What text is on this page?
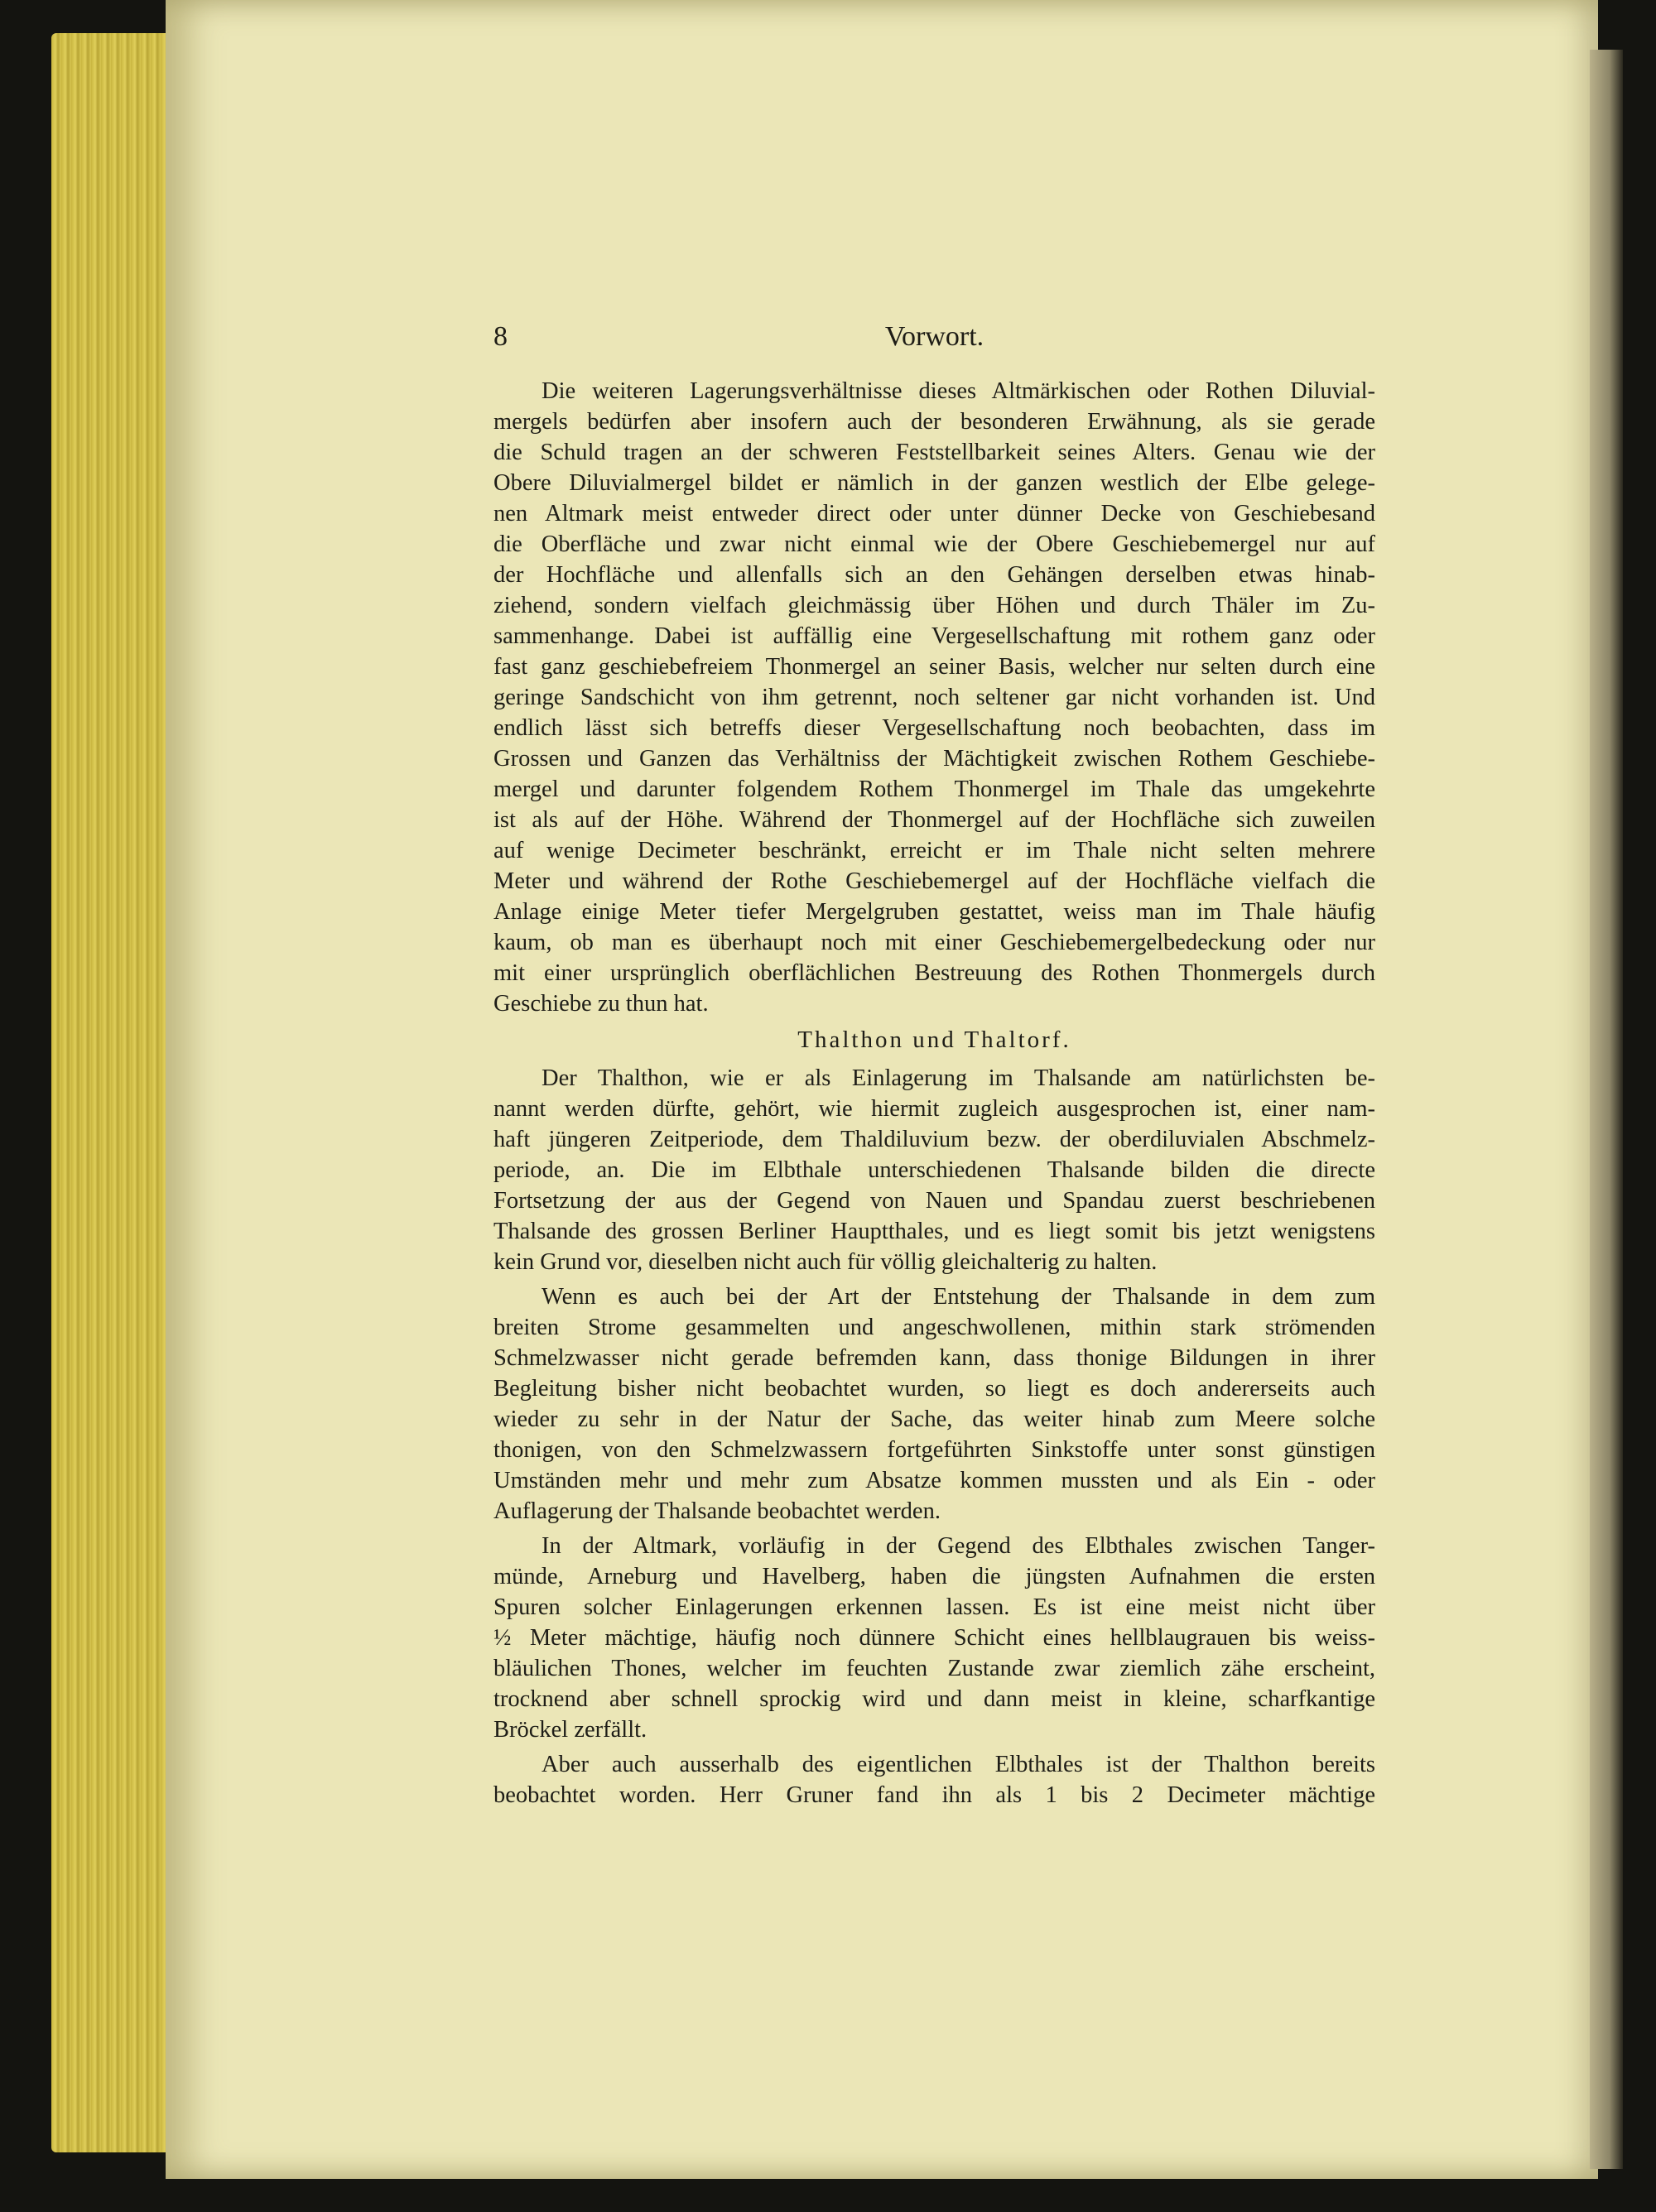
8	Vorwort.
Die weiteren Lagerungsverhältnisse dieses Altmärkischen oder Rothen Diluvial-
mergels bedürfen aber insofern auch der besonderen Erwähnung, als sie gerade
die Schuld tragen an der schweren Feststellbarkeit seines Alters. Genau wie der
Obere Diluvialmergel bildet er nämlich in der ganzen westlich der Elbe gelege-
nen Altmark meist entweder direct oder unter dünner Decke von Geschiebesand
die Oberfläche und zwar nicht einmal wie der Obere Geschiebemergel nur auf
der Hochfläche und allenfalls sich an den Gehängen derselben etwas hinab-
ziehend, sondern vielfach gleichmässig über Höhen und durch Thäler im Zu-
sammenhange. Dabei ist auffällig eine Vergesellschaftung mit rothem ganz oder
fast ganz geschiebefreiem Thonmergel an seiner Basis, welcher nur selten durch eine
geringe Sandschicht von ihm getrennt, noch seltener gar nicht vorhanden ist. Und
endlich lässt sich betreffs dieser Vergesellschaftung noch beobachten, dass im
Grossen und Ganzen das Verhältniss der Mächtigkeit zwischen Rothem Geschiebe-
mergel und darunter folgendem Rothem Thonmergel im Thale das umgekehrte
ist als auf der Höhe. Während der Thonmergel auf der Hochfläche sich zuweilen
auf wenige Decimeter beschränkt, erreicht er im Thale nicht selten mehrere
Meter und während der Rothe Geschiebemergel auf der Hochfläche vielfach die
Anlage einige Meter tiefer Mergelgruben gestattet, weiss man im Thale häufig
kaum, ob man es überhaupt noch mit einer Geschiebemergelbedeckung oder nur
mit einer ursprünglich oberflächlichen Bestreuung des Rothen Thonmergels durch
Geschiebe zu thun hat.
Thalthon und Thaltorf.
Der Thalthon, wie er als Einlagerung im Thalsande am natürlichsten be-
nannt werden dürfte, gehört, wie hiermit zugleich ausgesprochen ist, einer nam-
haft jüngeren Zeitperiode, dem Thaldiluvium bezw. der oberdiluvialen Abschmelz-
periode, an. Die im Elbthale unterschiedenen Thalsande bilden die directe
Fortsetzung der aus der Gegend von Nauen und Spandau zuerst beschriebenen
Thalsande des grossen Berliner Hauptthales, und es liegt somit bis jetzt wenigstens
kein Grund vor, dieselben nicht auch für völlig gleichalterig zu halten.
Wenn es auch bei der Art der Entstehung der Thalsande in dem zum
breiten Strome gesammelten und angeschwollenen, mithin stark strömenden
Schmelzwasser nicht gerade befremden kann, dass thonige Bildungen in ihrer
Begleitung bisher nicht beobachtet wurden, so liegt es doch andererseits auch
wieder zu sehr in der Natur der Sache, das weiter hinab zum Meere solche
thonigen, von den Schmelzwassern fortgeführten Sinkstoffe unter sonst günstigen
Umständen mehr und mehr zum Absatze kommen mussten und als Ein - oder
Auflagerung der Thalsande beobachtet werden.
In der Altmark, vorläufig in der Gegend des Elbthales zwischen Tanger-
münde, Arneburg und Havelberg, haben die jüngsten Aufnahmen die ersten
Spuren solcher Einlagerungen erkennen lassen. Es ist eine meist nicht über
½ Meter mächtige, häufig noch dünnere Schicht eines hellblaugrauen bis weiss-
bläulichen Thones, welcher im feuchten Zustande zwar ziemlich zähe erscheint,
trocknend aber schnell sprockig wird und dann meist in kleine, scharfkantige
Bröckel zerfällt.
Aber auch ausserhalb des eigentlichen Elbthales ist der Thalthon bereits
beobachtet worden. Herr Gruner fand ihn als 1 bis 2 Decimeter mächtige
